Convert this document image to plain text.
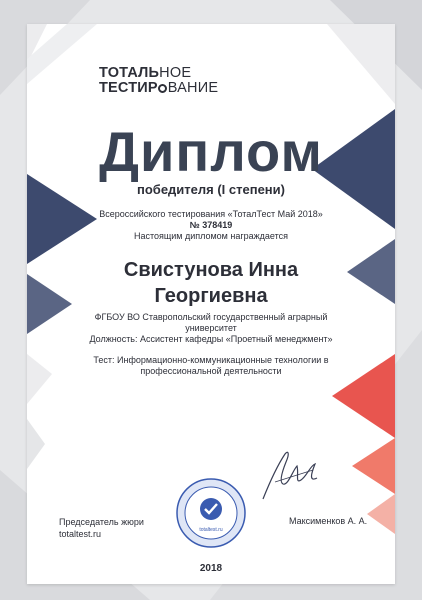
ТОТАЛЬНОЕ
ТЕСТИР ВАНИЕ
Диплом
победителя (I степени)
Всероссийского тестирования «ТоталТест Май 2018»
№ 378419
Настоящим дипломом награждается
Свистунова Инна
Георгиевна
ФГБОУ ВО Ставропольский государственный аграрный
университет
Должность: Ассистент кафедры «Проетный менеджмент»
Тест: Информационно-коммуникационные технологии в
профессиональной деятельности
totaltest.ru
Председатель жюри
totaltest.ru
Максименков А. А.
2018
